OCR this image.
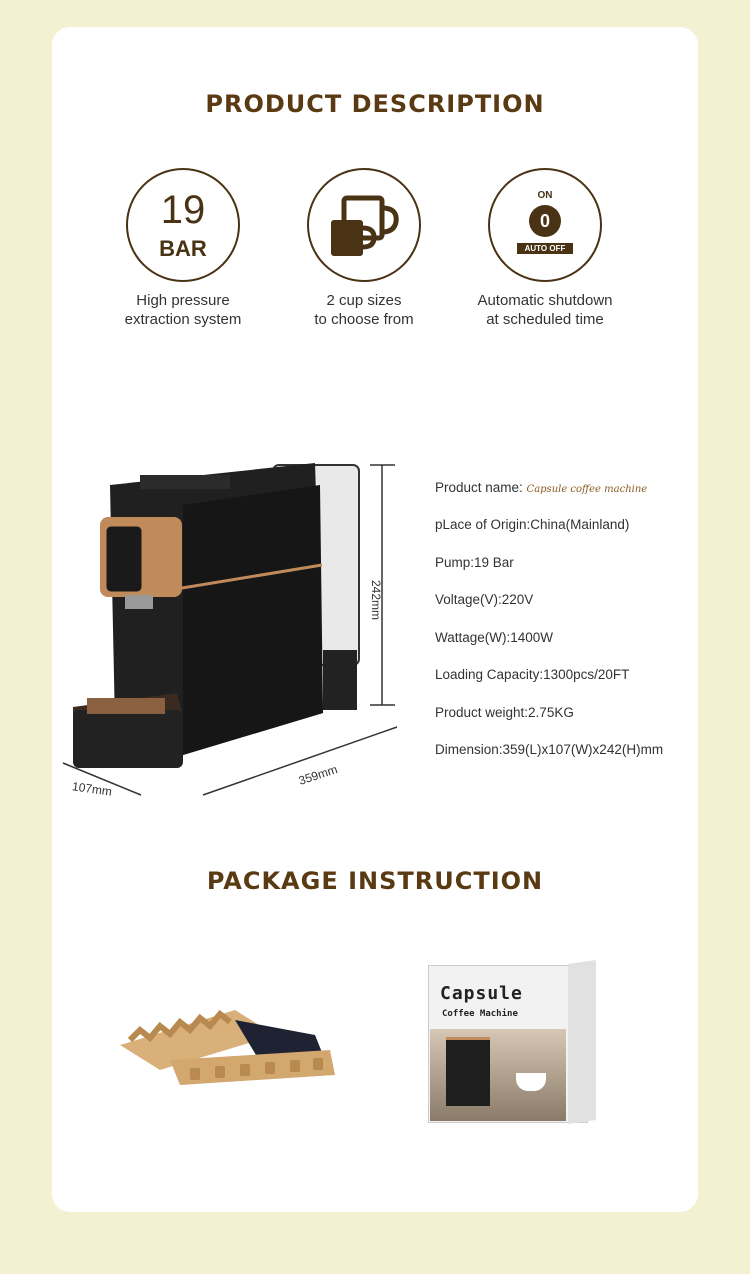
PRODUCT DESCRIPTION
19
BAR
High pressure
extraction system
2 cup sizes
to choose from
ON
0
AUTO OFF
Automatic shutdown
at scheduled time
242mm
359mm
107mm
Product name: Capsule coffee machine
pLace of Origin:China(Mainland)
Pump:19 Bar
Voltage(V):220V
Wattage(W):1400W
Loading Capacity:1300pcs/20FT
Product weight:2.75KG
Dimension:359(L)x107(W)x242(H)mm
PACKAGE INSTRUCTION
Capsule
Coffee Machine
